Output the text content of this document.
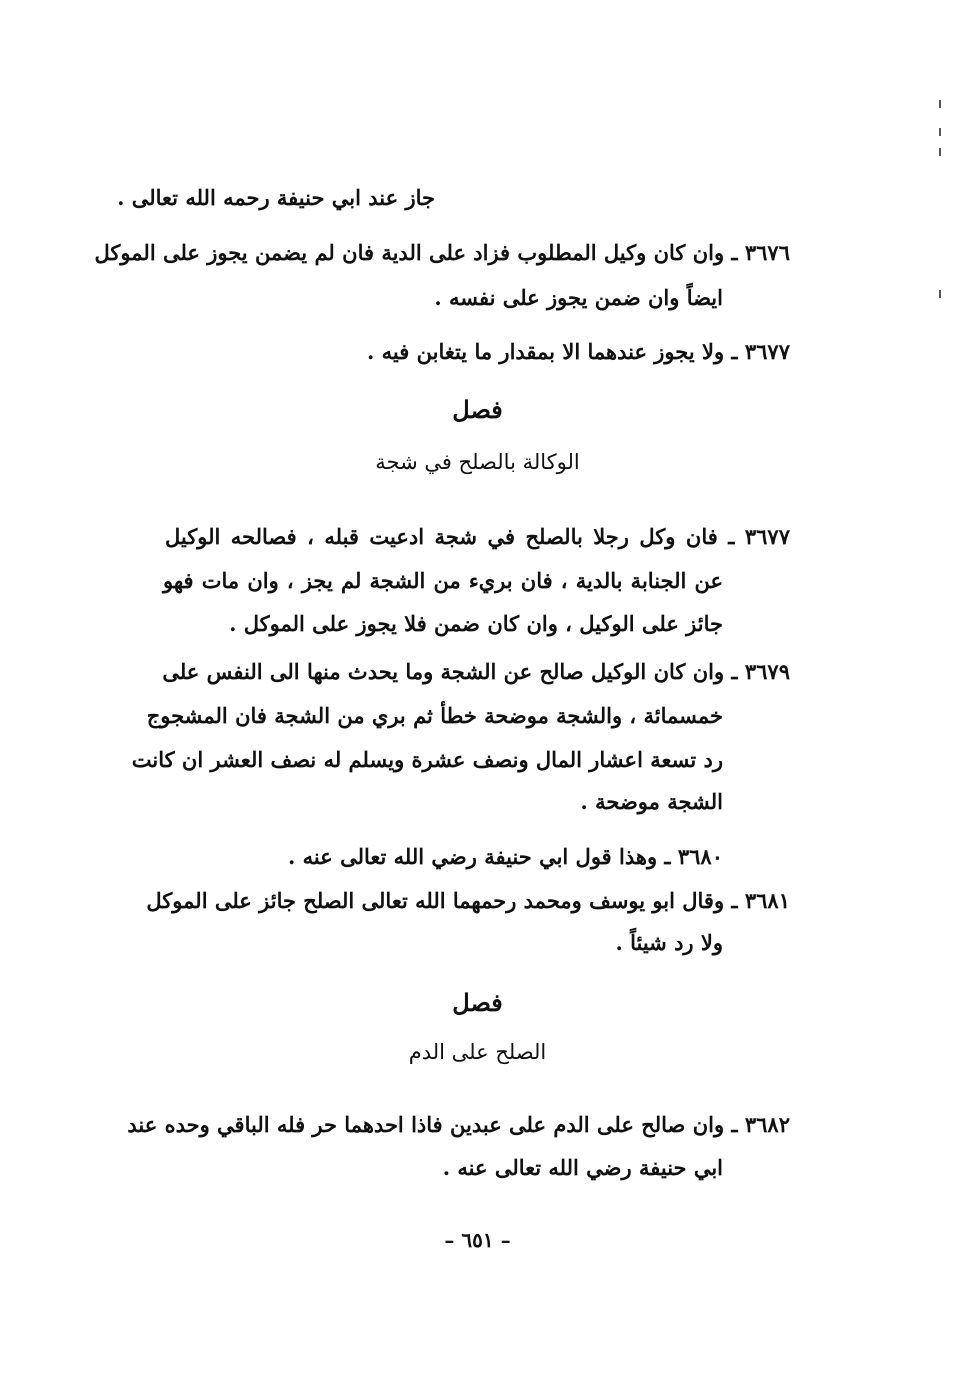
جاز عند ابي حنيفة رحمه الله تعالى .
٣٦٧٦ ـ وان كان وكيل المطلوب فزاد على الدية فان لم يضمن يجوز على الموكل
ايضاً وان ضمن يجوز على نفسه .
٣٦٧٧ ـ ولا يجوز عندهما الا بمقدار ما يتغابن فيه .
فصل
الوكالة بالصلح في شجة
٣٦٧٧ ـ فان وكل رجلا بالصلح في شجة ادعيت قبله ، فصالحه الوكيل
عن الجنابة بالدية ، فان بريء من الشجة لم يجز ، وان مات فهو
جائز على الوكيل ، وان كان ضمن فلا يجوز على الموكل .
٣٦٧٩ ـ وان كان الوكيل صالح عن الشجة وما يحدث منها الى النفس على
خمسمائة ، والشجة موضحة خطأ ثم بري من الشجة فان المشجوج
رد تسعة اعشار المال ونصف عشرة ويسلم له نصف العشر ان كانت
الشجة موضحة .
٣٦٨٠ ـ وهذا قول ابي حنيفة رضي الله تعالى عنه .
٣٦٨١ ـ وقال ابو يوسف ومحمد رحمهما الله تعالى الصلح جائز على الموكل
ولا رد شيئاً .
فصل
الصلح على الدم
٣٦٨٢ ـ وان صالح على الدم على عبدين فاذا احدهما حر فله الباقي وحده عند
ابي حنيفة رضي الله تعالى عنه .
– ٦٥١ –
